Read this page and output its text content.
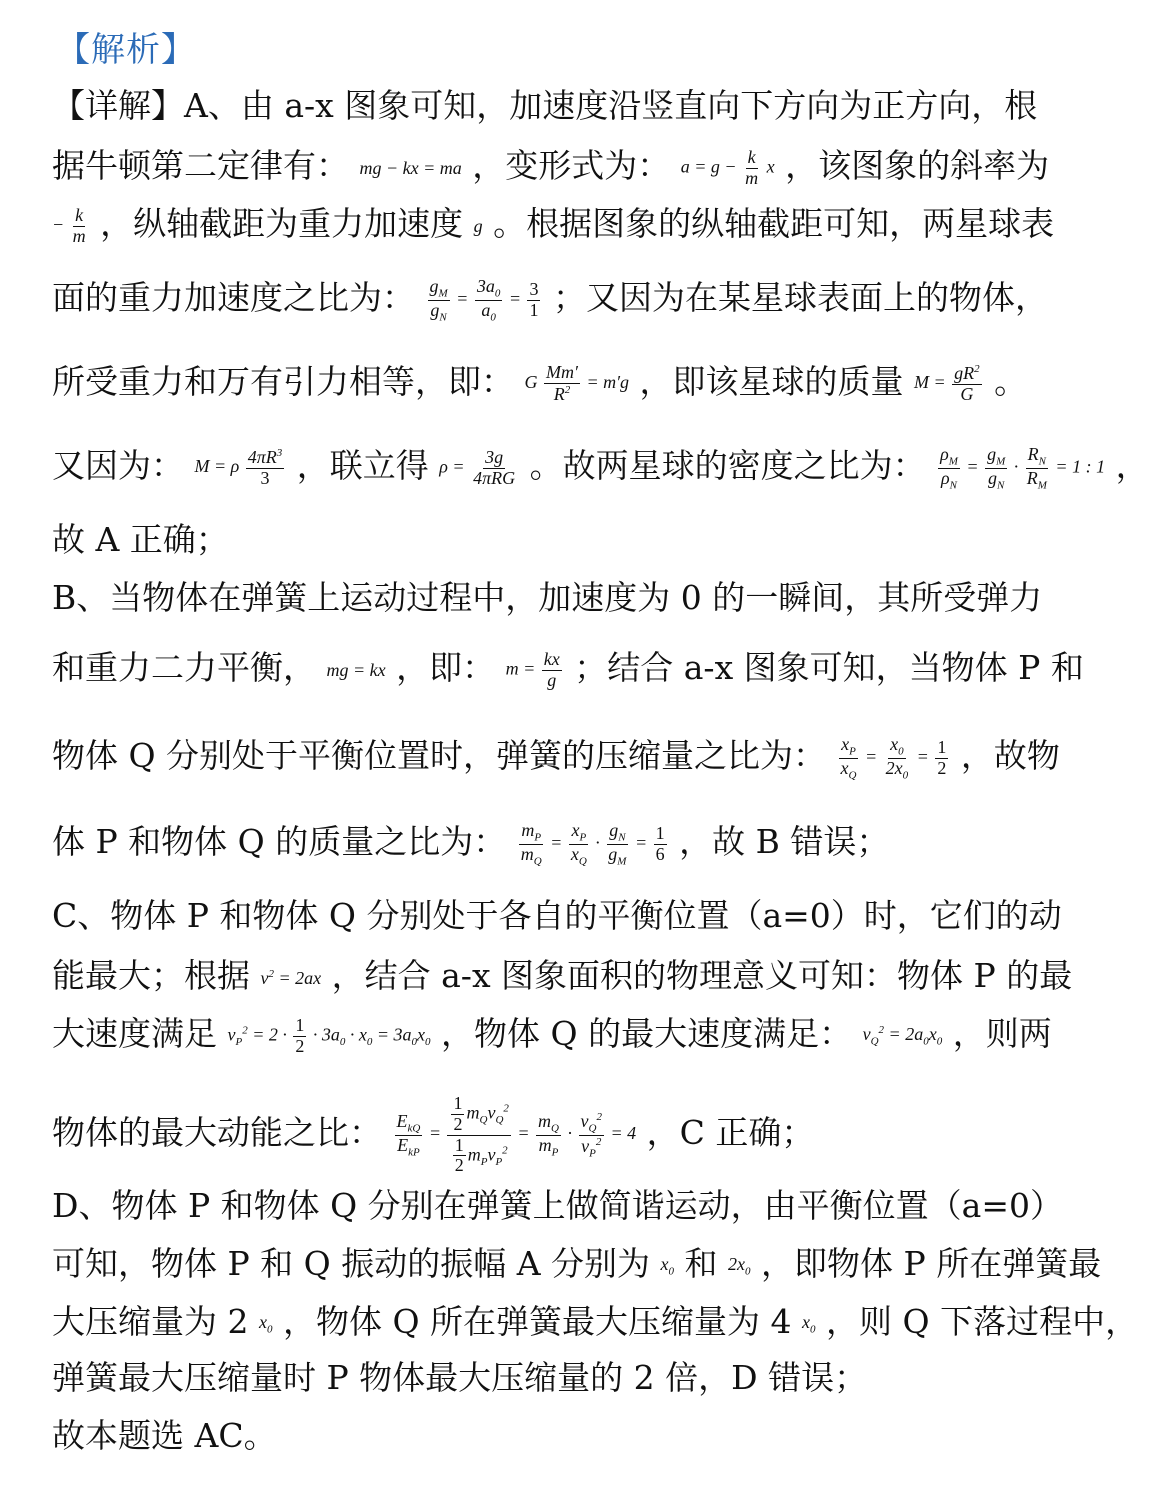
【解析】
【详解】A、由 a-x 图象可知，加速度沿竖直向下方向为正方向，根
据牛顿第二定律有： mg − kx = ma ，变形式为： $a = g - \frac{k}{m}$ x ，该图象的斜率为
− $\frac{k}{m}$ ，纵轴截距为重力加速度 g 。根据图象的纵轴截距可知，两星球表
面的重力加速度之比为： $\frac{g_M}{g_N} = \frac{3a_0}{a_0} = \frac{3}{1}$ ；又因为在某星球表面上的物体，
所受重力和万有引力相等，即： G $\frac{Mm'}{R^2} = m'g$ ，即该星球的质量 $M = \frac{gR^2}{G}$ 。
又因为： M = ρ $\frac{4\pi R^3}{3}$ ，联立得 $\rho = \frac{3g}{\text{4πRG}}$ 。故两星球的密度之比为： $\frac{\rho_M}{\rho_N} = \frac{g_M}{g_N} \cdot \frac{R_N}{R_M} = 1$ : 1 ，
故 A 正确；
B、当物体在弹簧上运动过程中，加速度为 0 的一瞬间，其所受弹力
和重力二力平衡， mg = kx ，即： $m = \frac{kx}{g}$ ；结合 a-x 图象可知，当物体 P 和
物体 Q 分别处于平衡位置时，弹簧的压缩量之比为： $\frac{x_P}{x_Q} = \frac{x_0}{2x_0} = \frac{1}{2}$ ，故物
体 P 和物体 Q 的质量之比为： $\frac{m_P}{m_Q} = \frac{x_P}{x_Q} \cdot \frac{g_N}{g_M} = \frac{1}{6}$ ，故 B 错误；
C、物体 P 和物体 Q 分别处于各自的平衡位置（a=0）时，它们的动
能最大；根据 $v^2 = 2ax$ ，结合 a-x 图象面积的物理意义可知：物体 P 的最
大速度满足 $v_P^2 = 2 \cdot \frac{1}{2} \cdot 3a_0 \cdot x_0 = 3a_0x_0$ ，物体 Q 的最大速度满足： $v_Q^2 = 2a_0x_0$ ，则两
物体的最大动能之比： $\frac{E_{kQ}}{E_{kP}} = \frac{\frac{1}{2} m_Qv_Q^2}{\frac{1}{2} m_Pv_P^2} = \frac{m_Q}{m_P} \cdot \frac{v_Q^2}{v_P^2} = 4$ ，C 正确；
D、物体 P 和物体 Q 分别在弹簧上做简谐运动，由平衡位置（a=0）
可知，物体 P 和 Q 振动的振幅 A 分别为 $x_0$ 和 $2x_0$ ，即物体 P 所在弹簧最
大压缩量为 2 $x_0$ ，物体 Q 所在弹簧最大压缩量为 4 $x_0$ ，则 Q 下落过程中，
弹簧最大压缩量时 P 物体最大压缩量的 2 倍，D 错误；
故本题选 AC。
